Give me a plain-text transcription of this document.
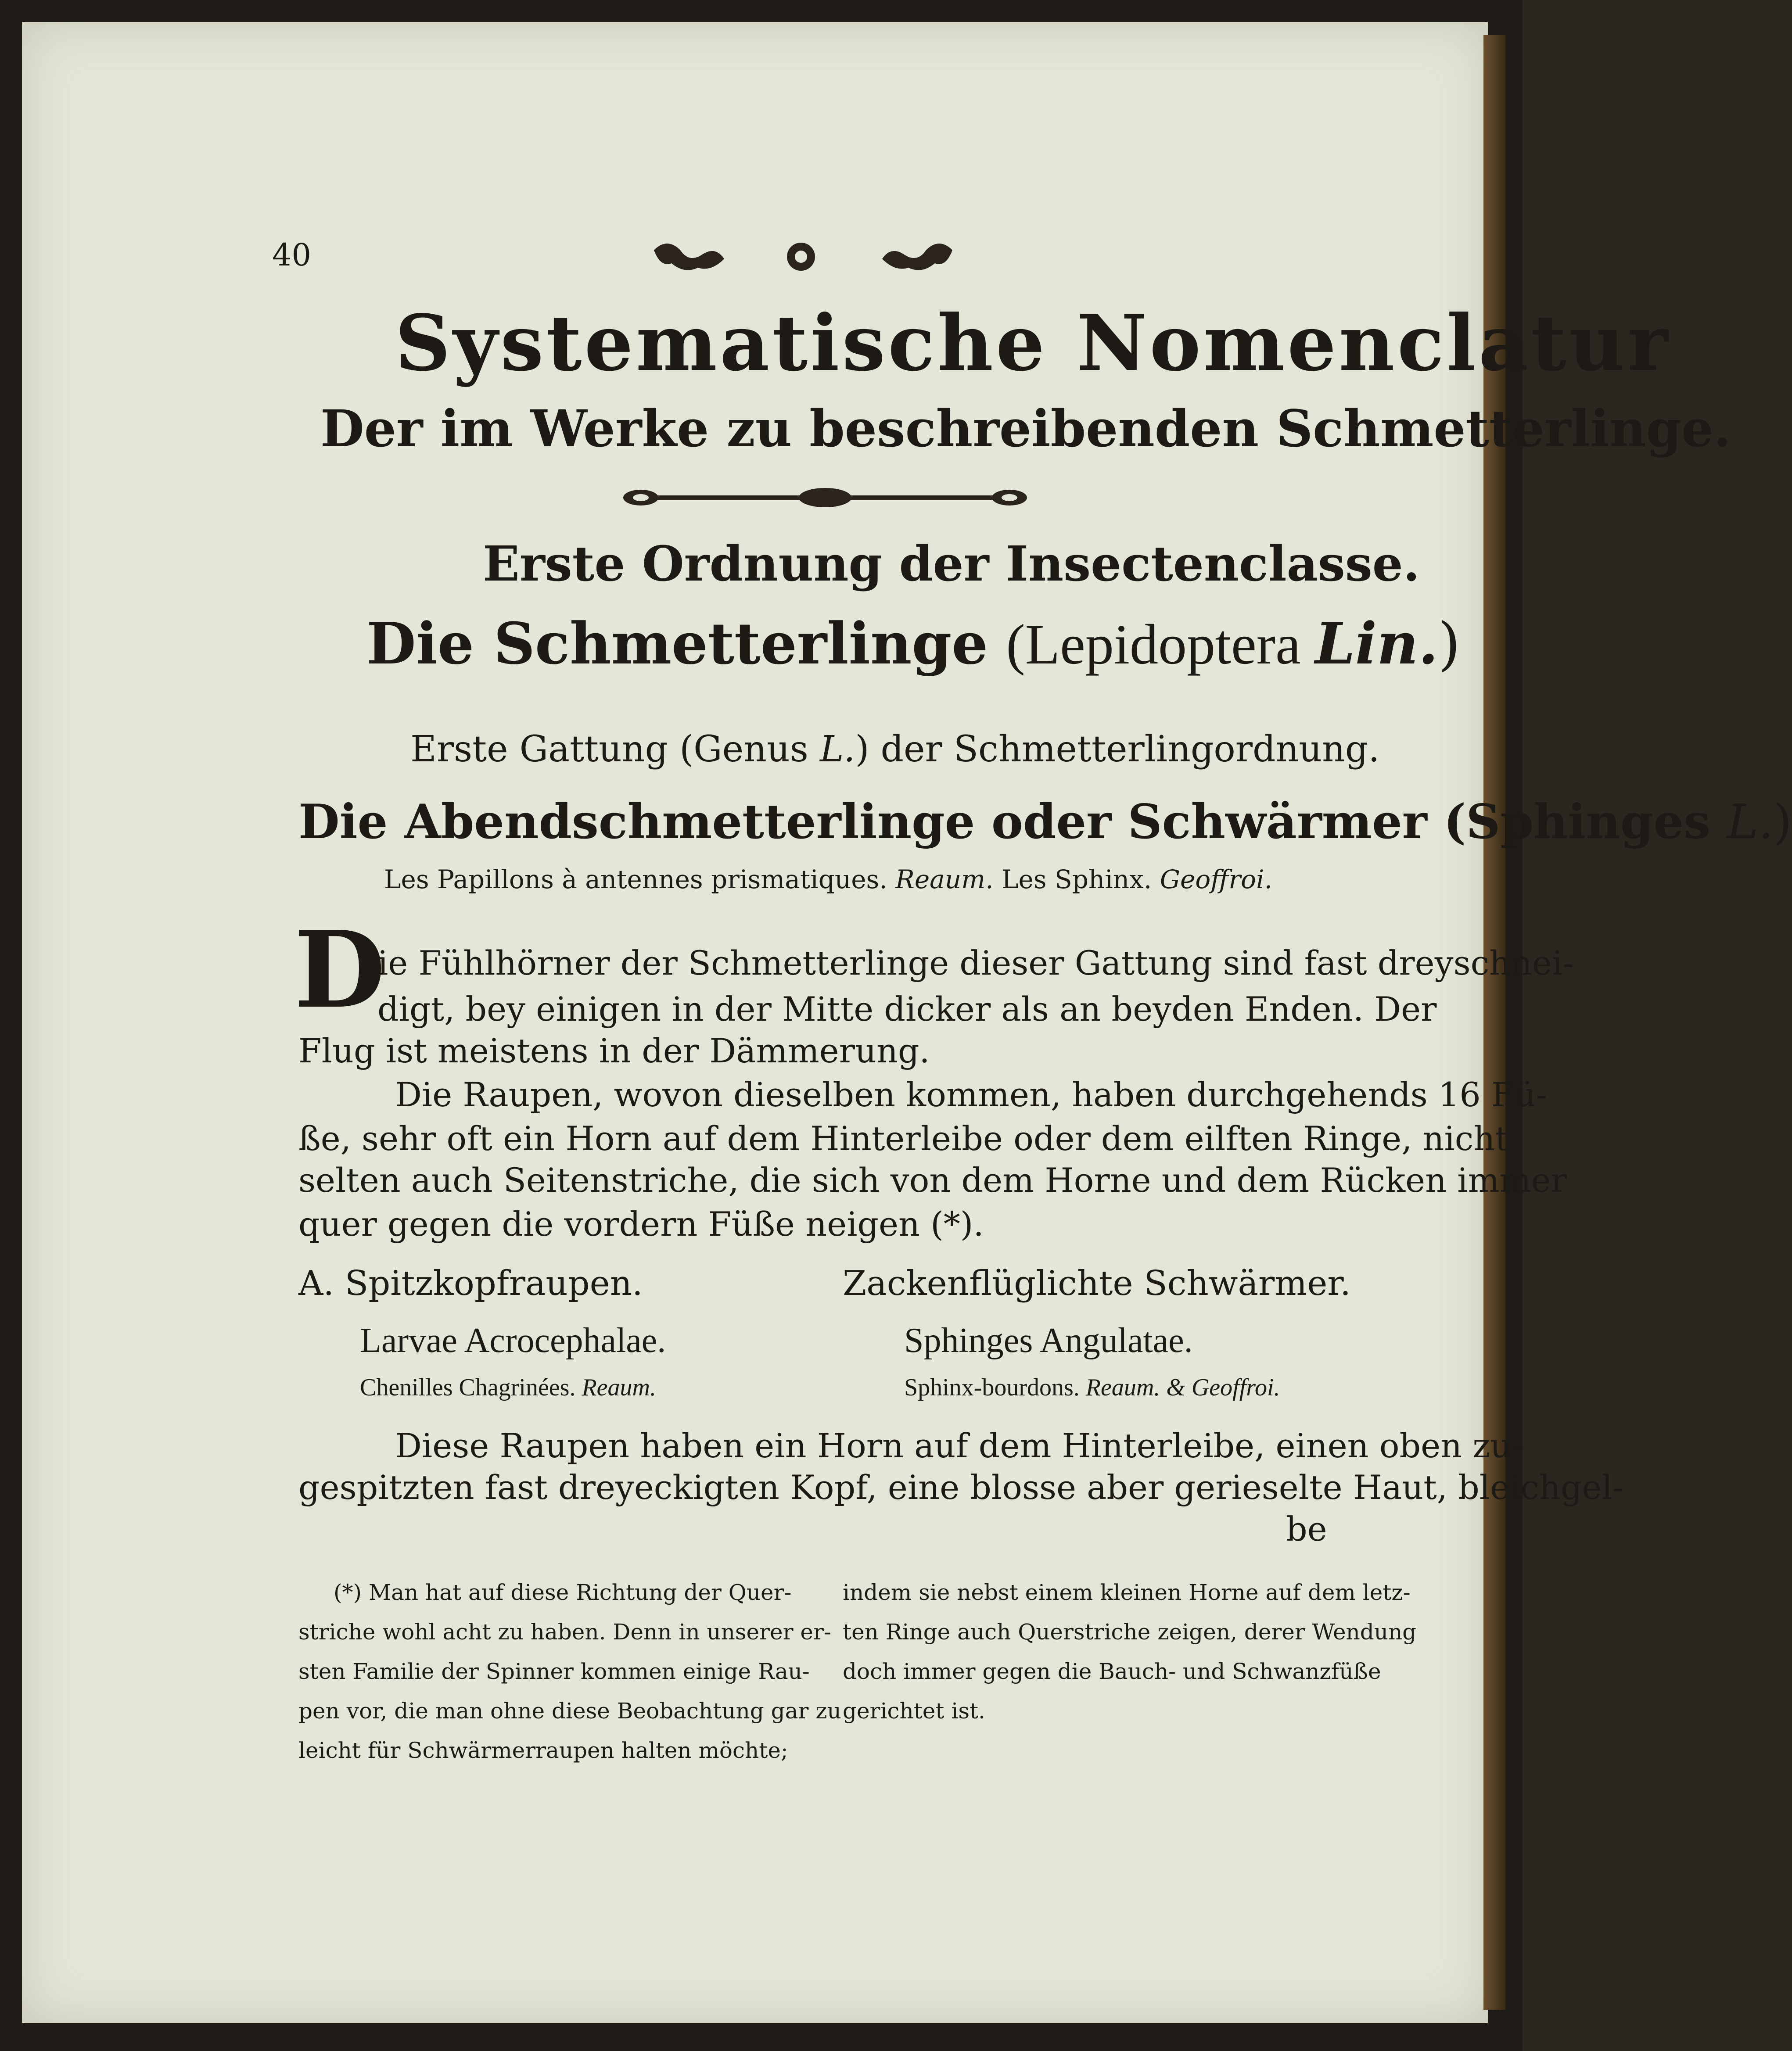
40

Systematische Nomenclatur

Der im Werke zu beschreibenden Schmetterlinge.

Erste Ordnung der Insectenclasse.

Die Schmetterlinge (Lepidoptera Lin.)

Erste Gattung (Genus L.) der Schmetterlingordnung.

Die Abendschmetterlinge oder Schwärmer (Sphinges L.)

Les Papillons à antennes prismatiques. Reaum. Les Sphinx. Geoffroi.

D

ie Fühlhörner der Schmetterlinge dieser Gattung sind fast dreyschnei-

digt, bey einigen in der Mitte dicker als an beyden Enden. Der

Flug ist meistens in der Dämmerung.

Die Raupen, wovon dieselben kommen, haben durchgehends 16 Fü-

ße, sehr oft ein Horn auf dem Hinterleibe oder dem eilften Ringe, nicht

selten auch Seitenstriche, die sich von dem Horne und dem Rücken immer

quer gegen die vordern Füße neigen (*).

A. Spitzkopfraupen.	Zackenflüglichte Schwärmer.

Larvae Acrocephalae.	Sphinges Angulatae.

Chenilles Chagrinées. Reaum.	Sphinx-bourdons. Reaum. & Geoffroi.

Diese Raupen haben ein Horn auf dem Hinterleibe, einen oben zu-

gespitzten fast dreyeckigten Kopf, eine blosse aber gerieselte Haut, bleichgel-

be

(*) Man hat auf diese Richtung der Quer-

striche wohl acht zu haben. Denn in unserer er-

sten Familie der Spinner kommen einige Rau-

pen vor, die man ohne diese Beobachtung gar zu

leicht für Schwärmerraupen halten möchte;

indem sie nebst einem kleinen Horne auf dem letz-

ten Ringe auch Querstriche zeigen, derer Wendung

doch immer gegen die Bauch- und Schwanzfüße

gerichtet ist.
